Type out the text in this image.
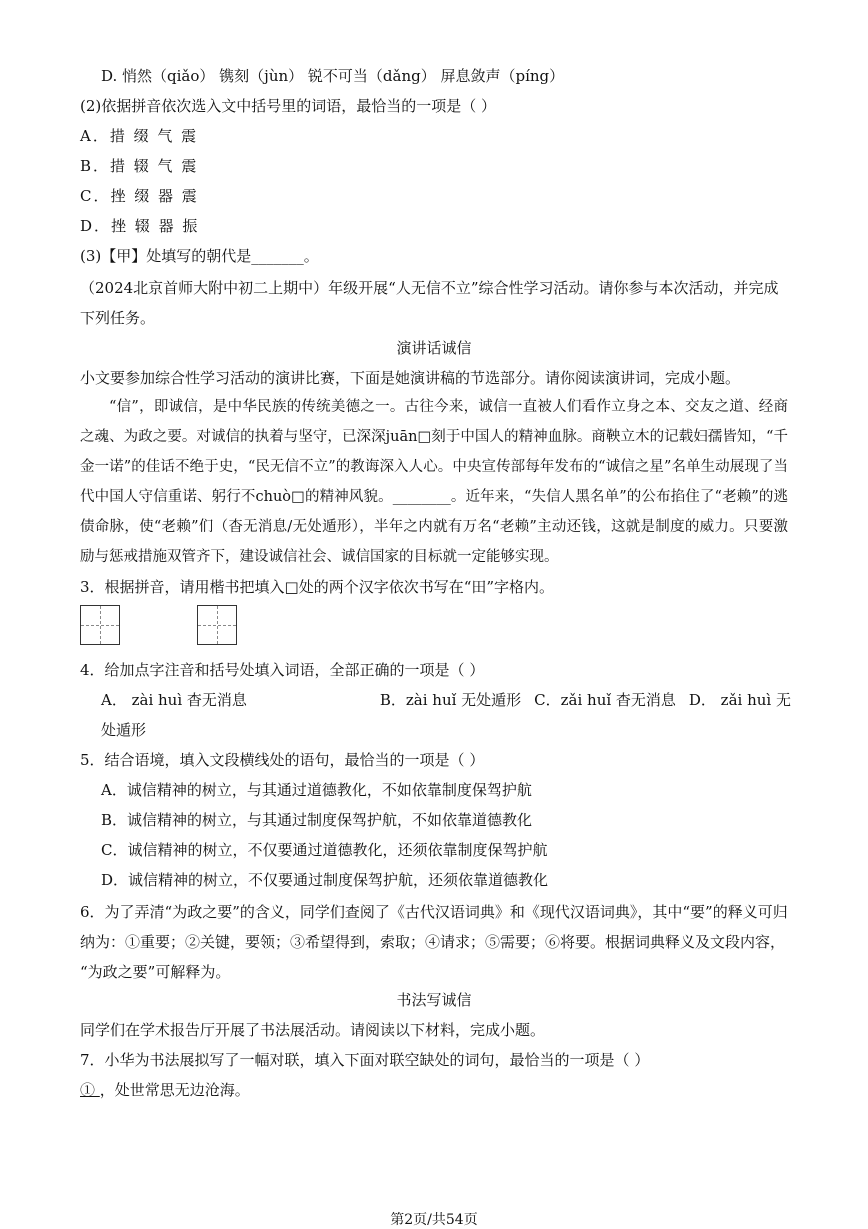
D. 悄然（qiǎo） 镌刻（jùn） 锐不可当（dǎng） 屏息敛声（píng）
(2)依据拼音依次选入文中括号里的词语，最恰当的一项是（ ）
A．措 缀 气 震
B．措 辍 气 震
C．挫 缀 器 震
D．挫 辍 器 振
(3)【甲】处填写的朝代是_______。
（2024北京首师大附中初二上期中）年级开展“人无信不立”综合性学习活动。请你参与本次活动，并完成
下列任务。
演讲话诚信
小文要参加综合性学习活动的演讲比赛，下面是她演讲稿的节选部分。请你阅读演讲词，完成小题。
“信”，即诚信，是中华民族的传统美德之一。古往今来，诚信一直被人们看作立身之本、交友之道、经商之魂、为政之要。对诚信的执着与坚守，已深深juān□刻于中国人的精神血脉。商鞅立木的记载妇孺皆知，“千金一诺”的佳话不绝于史，“民无信不立”的教诲深入人心。中央宣传部每年发布的“诚信之星”名单生动展现了当代中国人守信重诺、躬行不chuò□的精神风貌。________。近年来，“失信人黑名单”的公布掐住了“老赖”的逃债命脉，使“老赖”们（杳无消息/无处遁形），半年之内就有万名“老赖”主动还钱，这就是制度的威力。只要激励与惩戒措施双管齐下，建设诚信社会、诚信国家的目标就一定能够实现。
3．根据拼音，请用楷书把填入□处的两个汉字依次书写在“田”字格内。
4．给加点字注音和括号处填入词语，全部正确的一项是（ ）
A． zài huì 杳无消息	B．zài huǐ 无处遁形 C．zǎi huǐ 杳无消息 D． zǎi huì 无
处遁形
5．结合语境，填入文段横线处的语句，最恰当的一项是（ ）
A．诚信精神的树立，与其通过道德教化，不如依靠制度保驾护航
B．诚信精神的树立，与其通过制度保驾护航，不如依靠道德教化
C．诚信精神的树立，不仅要通过道德教化，还须依靠制度保驾护航
D．诚信精神的树立，不仅要通过制度保驾护航，还须依靠道德教化
6．为了弄清“为政之要”的含义，同学们查阅了《古代汉语词典》和《现代汉语词典》，其中“要”的释义可归
纳为：①重要；②关键，要领；③希望得到，索取；④请求；⑤需要；⑥将要。根据词典释义及文段内容，
“为政之要”可解释为。
书法写诚信
同学们在学术报告厅开展了书法展活动。请阅读以下材料，完成小题。
7．小华为书法展拟写了一幅对联，填入下面对联空缺处的词句，最恰当的一项是（ ）
① ，处世常思无边沧海。
第2页/共54页
